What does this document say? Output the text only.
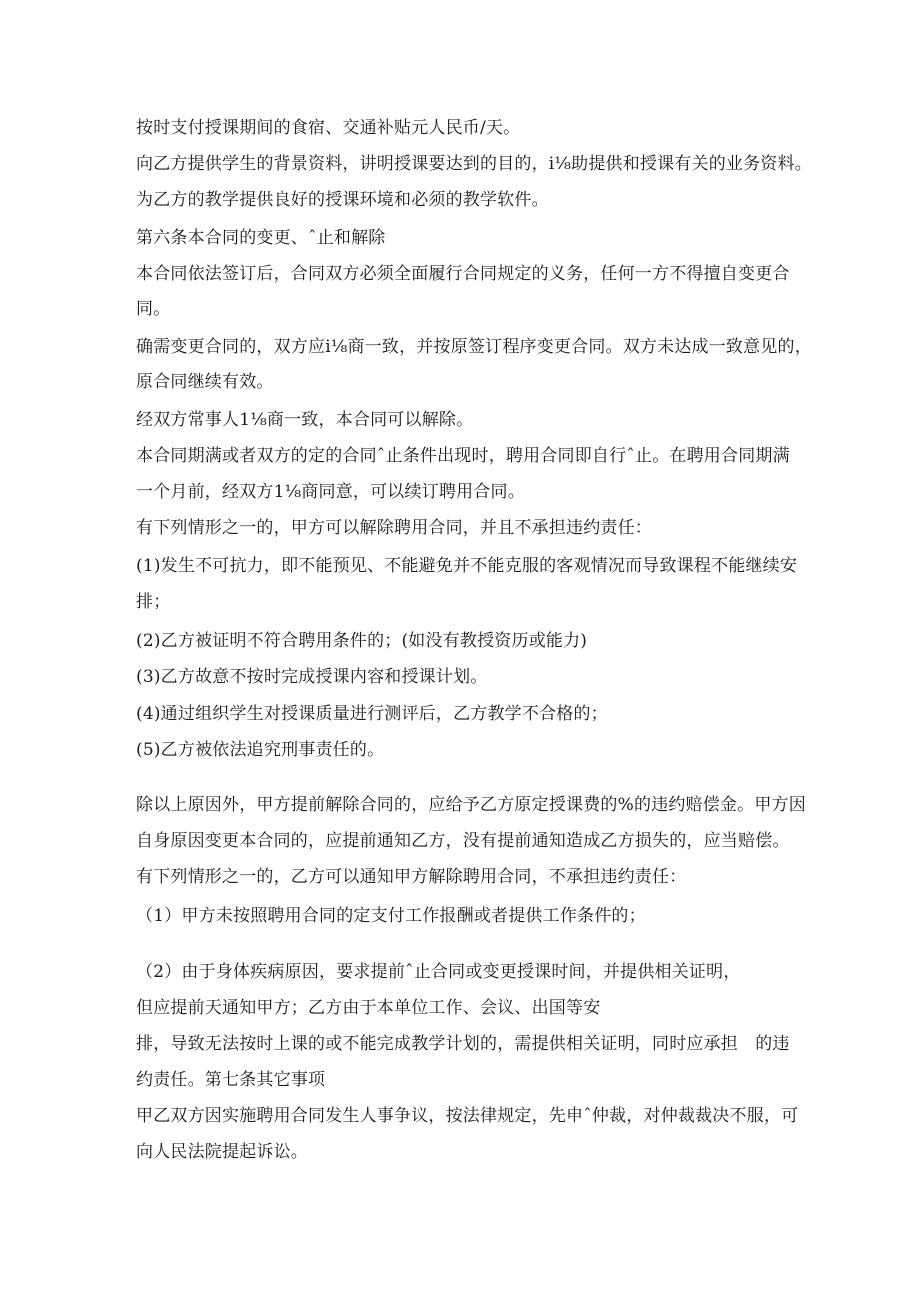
按时支付授课期间的食宿、交通补贴元人民币/天。

向乙方提供学生的背景资料，讲明授课要达到的目的，i⅛助提供和授课有关的业务资料。

为乙方的教学提供良好的授课环境和必须的教学软件。

第六条本合同的变更、ˆ止和解除

本合同依法签订后，合同双方必须全面履行合同规定的义务，任何一方不得擅自变更合

同。

确需变更合同的，双方应i⅛商一致，并按原签订程序变更合同。双方未达成一致意见的，

原合同继续有效。

经双方常事人1⅛商一致，本合同可以解除。

本合同期满或者双方的定的合同ˆ止条件出现时，聘用合同即自行ˆ止。在聘用合同期满

一个月前，经双方1⅛商同意，可以续订聘用合同。

有下列情形之一的，甲方可以解除聘用合同，并且不承担违约责任：

(1)发生不可抗力，即不能预见、不能避免并不能克服的客观情况而导致课程不能继续安

排；

(2)乙方被证明不符合聘用条件的；(如没有教授资历或能力)

(3)乙方故意不按时完成授课内容和授课计划。

(4)通过组织学生对授课质量进行测评后，乙方教学不合格的；

(5)乙方被依法追究刑事责任的。

除以上原因外，甲方提前解除合同的，应给予乙方原定授课费的%的违约赔偿金。甲方因

自身原因变更本合同的，应提前通知乙方，没有提前通知造成乙方损失的，应当赔偿。

有下列情形之一的，乙方可以通知甲方解除聘用合同，不承担违约责任：

（1）甲方未按照聘用合同的定支付工作报酬或者提供工作条件的；

（2）由于身体疾病原因，要求提前ˆ止合同或变更授课时间，并提供相关证明，

但应提前天通知甲方；乙方由于本单位工作、会议、出国等安

排，导致无法按时上课的或不能完成教学计划的，需提供相关证明，同时应承担　的违

约责任。第七条其它事项

甲乙双方因实施聘用合同发生人事争议，按法律规定，先申ˆ仲裁，对仲裁裁决不服，可

向人民法院提起诉讼。
